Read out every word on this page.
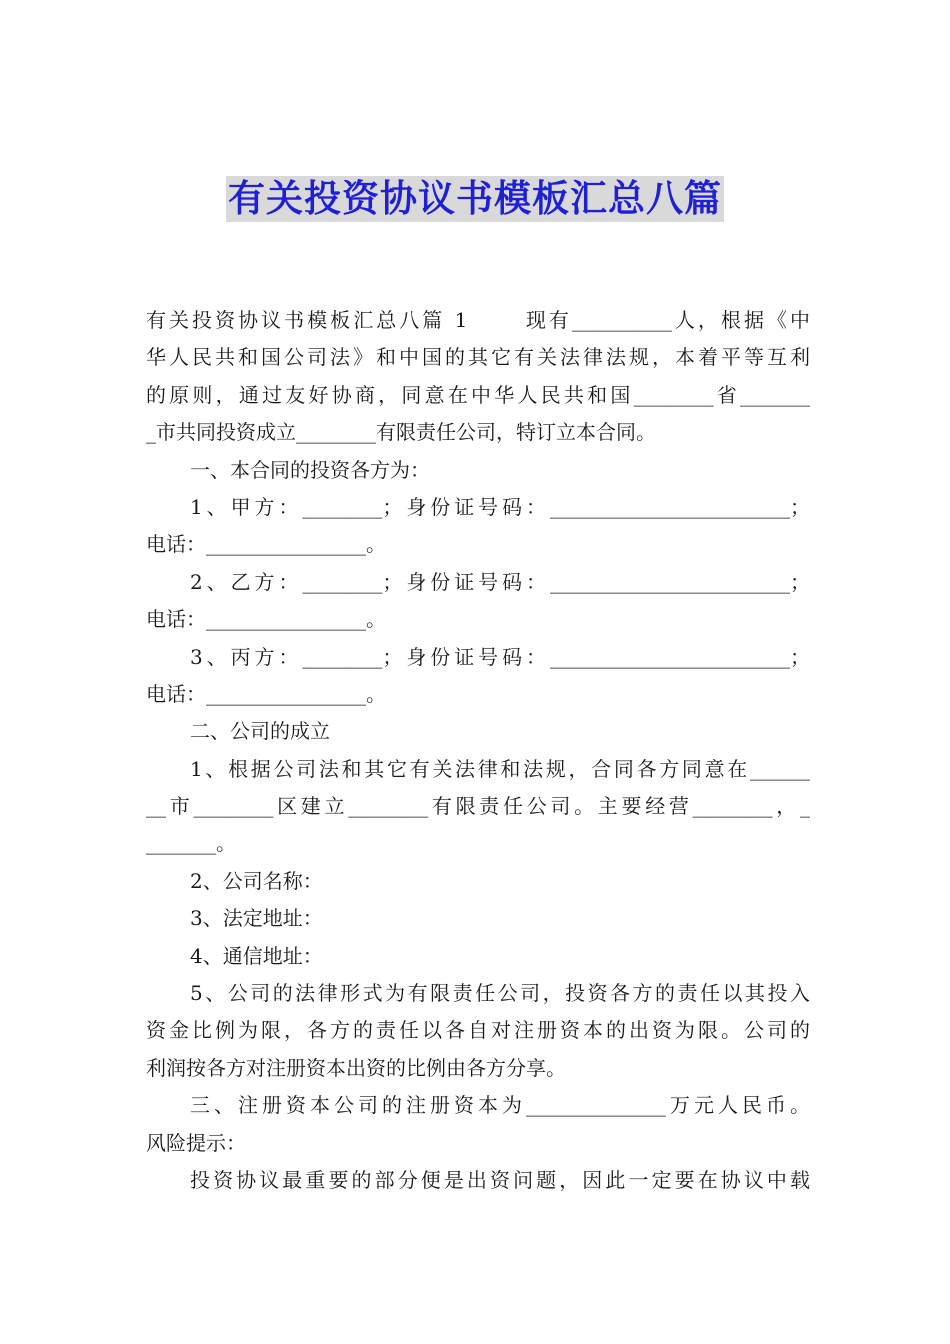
有关投资协议书模板汇总八篇
有关投资协议书模板汇总八篇 1　　 现有__________人，根据《中
华人民共和国公司法》和中国的其它有关法律法规，本着平等互利
的原则，通过友好协商，同意在中华人民共和国________省_______
_市共同投资成立________有限责任公司，特订立本合同。
一、本合同的投资各方为：
1、甲方：________；身份证号码：________________________；
电话：________________。
2、乙方：________；身份证号码：________________________；
电话：________________。
3、丙方：________；身份证号码：________________________；
电话：________________。
二、公司的成立
1、根据公司法和其它有关法律和法规，合同各方同意在______
__市________区建立________有限责任公司。主要经营________，_
_______。
2、公司名称：
3、法定地址：
4、通信地址：
5、公司的法律形式为有限责任公司，投资各方的责任以其投入
资金比例为限，各方的责任以各自对注册资本的出资为限。公司的
利润按各方对注册资本出资的比例由各方分享。
三、注册资本公司的注册资本为______________万元人民币。
风险提示：
投资协议最重要的部分便是出资问题，因此一定要在协议中载
